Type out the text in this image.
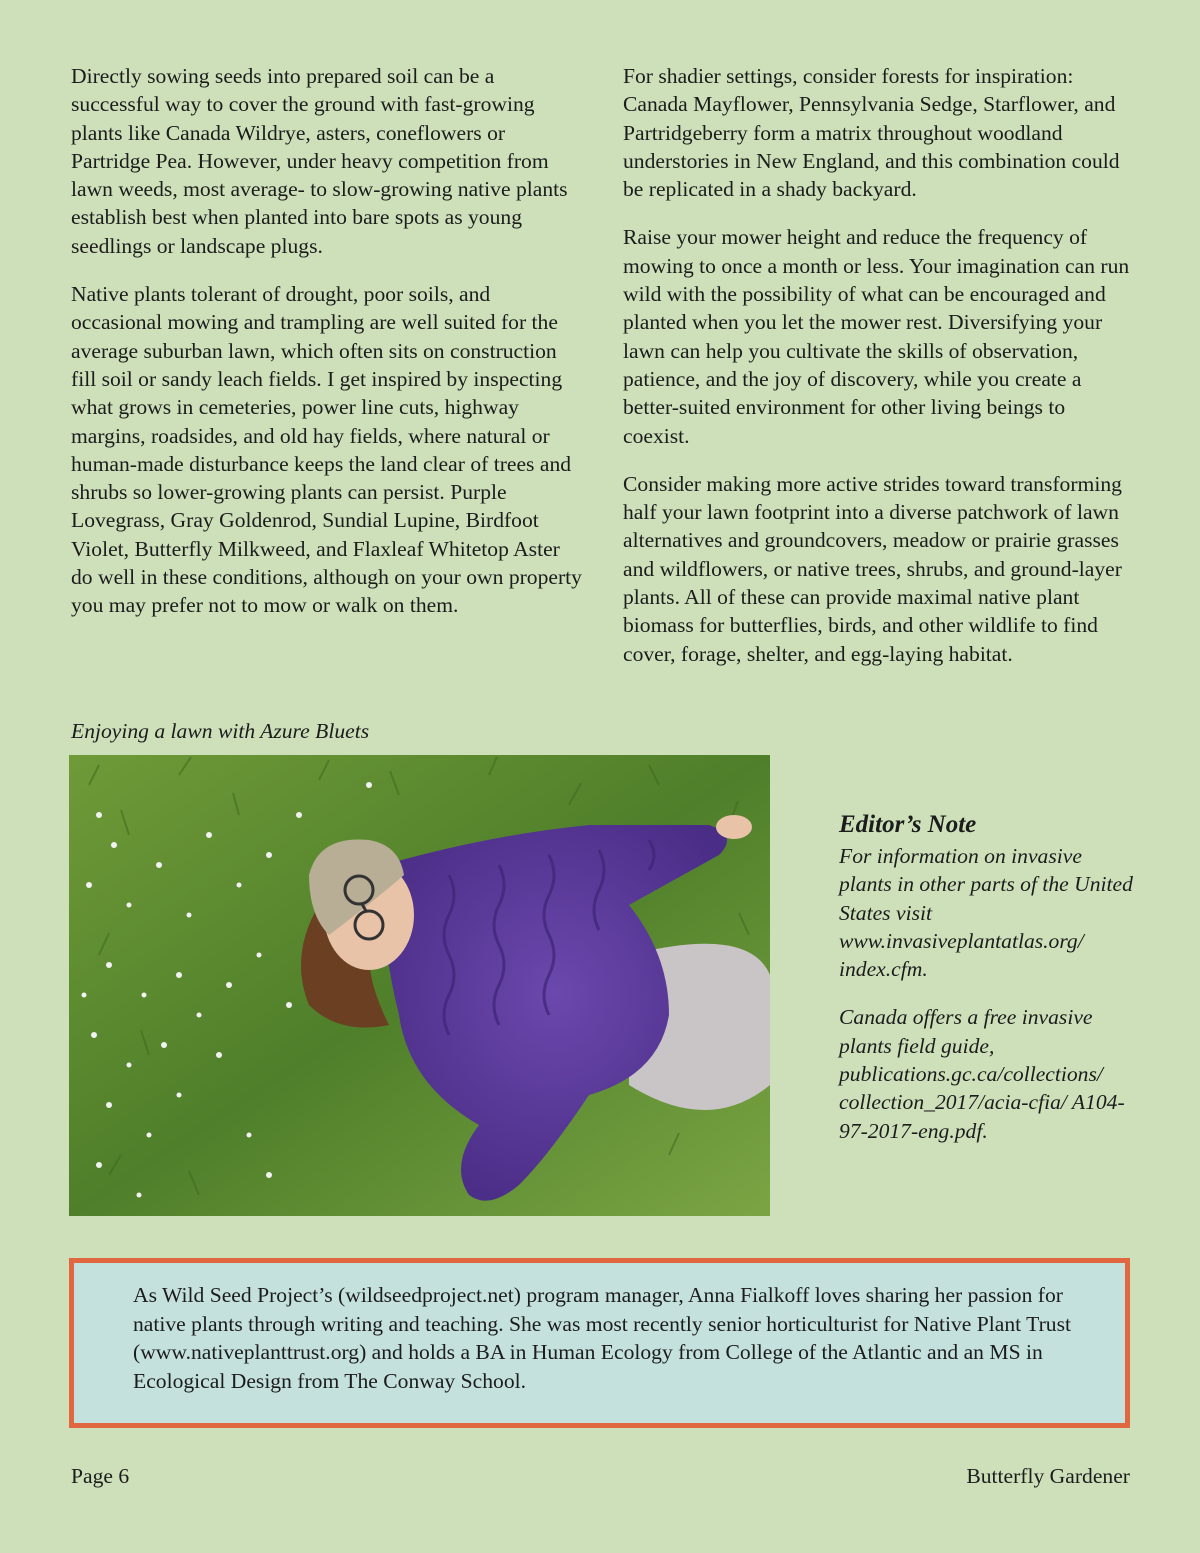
Directly sowing seeds into prepared soil can be a successful way to cover the ground with fast-growing plants like Canada Wildrye, asters, coneflowers or Partridge Pea. However, under heavy competition from lawn weeds, most average- to slow-growing native plants establish best when planted into bare spots as young seedlings or landscape plugs.

Native plants tolerant of drought, poor soils, and occasional mowing and trampling are well suited for the average suburban lawn, which often sits on construction fill soil or sandy leach fields. I get inspired by inspecting what grows in cemeteries, power line cuts, highway margins, roadsides, and old hay fields, where natural or human-made disturbance keeps the land clear of trees and shrubs so lower-growing plants can persist. Purple Lovegrass, Gray Goldenrod, Sundial Lupine, Birdfoot Violet, Butterfly Milkweed, and Flaxleaf Whitetop Aster do well in these conditions, although on your own property you may prefer not to mow or walk on them.

For shadier settings, consider forests for inspiration: Canada Mayflower, Pennsylvania Sedge, Starflower, and Partridgeberry form a matrix throughout woodland understories in New England, and this combination could be replicated in a shady backyard.

Raise your mower height and reduce the frequency of mowing to once a month or less. Your imagination can run wild with the possibility of what can be encouraged and planted when you let the mower rest. Diversifying your lawn can help you cultivate the skills of observation, patience, and the joy of discovery, while you create a better-suited environment for other living beings to coexist.

Consider making more active strides toward transforming half your lawn footprint into a diverse patchwork of lawn alternatives and groundcovers, meadow or prairie grasses and wildflowers, or native trees, shrubs, and ground-layer plants. All of these can provide maximal native plant biomass for butterflies, birds, and other wildlife to find cover, forage, shelter, and egg-laying habitat.

Enjoying a lawn with Azure Bluets
Editor’s Note

For information on invasive plants in other parts of the United States visit www.invasiveplantatlas.org/ index.cfm.

Canada offers a free invasive plants field guide, publications.gc.ca/collections/ collection_2017/acia-cfia/ A104-97-2017-eng.pdf.

As Wild Seed Project’s (wildseedproject.net) program manager, Anna Fialkoff loves sharing her passion for native plants through writing and teaching. She was most recently senior horticulturist for Native Plant Trust (www.nativeplanttrust.org) and holds a BA in Human Ecology from College of the Atlantic and an MS in Ecological Design from The Conway School.

Page 6	Butterfly Gardener
